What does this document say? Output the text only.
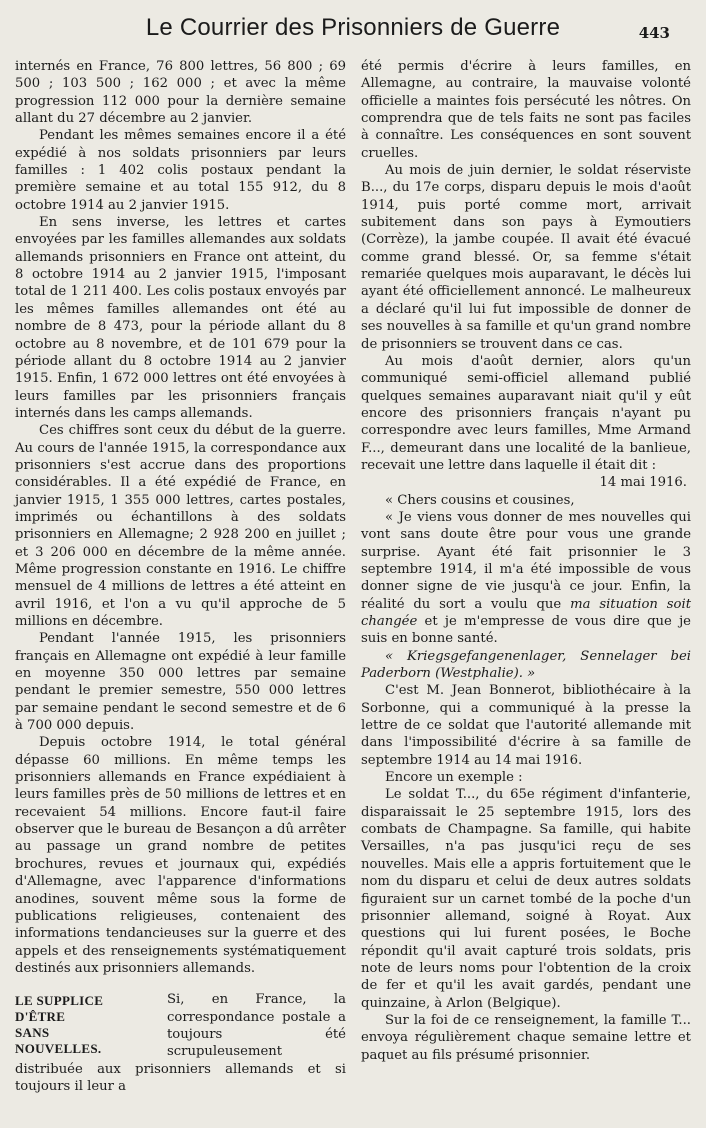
Le Courrier des Prisonniers de Guerre	443

internés en France, 76 800 lettres, 56 800 ; 69 500 ; 103 500 ; 162 000 ; et avec la même progression 112 000 pour la dernière semaine allant du 27 décembre au 2 janvier.

Pendant les mêmes semaines encore il a été expédié à nos soldats prisonniers par leurs familles : 1 402 colis postaux pendant la première semaine et au total 155 912, du 8 octobre 1914 au 2 janvier 1915.

En sens inverse, les lettres et cartes envoyées par les familles allemandes aux soldats allemands prisonniers en France ont atteint, du 8 octobre 1914 au 2 janvier 1915, l'imposant total de 1 211 400. Les colis postaux envoyés par les mêmes familles allemandes ont été au nombre de 8 473, pour la période allant du 8 octobre au 8 novembre, et de 101 679 pour la période allant du 8 octobre 1914 au 2 janvier 1915. Enfin, 1 672 000 lettres ont été envoyées à leurs familles par les prisonniers français internés dans les camps allemands.

Ces chiffres sont ceux du début de la guerre. Au cours de l'année 1915, la correspondance aux prisonniers s'est accrue dans des proportions considérables. Il a été expédié de France, en janvier 1915, 1 355 000 lettres, cartes postales, imprimés ou échantillons à des soldats prisonniers en Allemagne; 2 928 200 en juillet ; et 3 206 000 en décembre de la même année. Même progression constante en 1916. Le chiffre mensuel de 4 millions de lettres a été atteint en avril 1916, et l'on a vu qu'il approche de 5 millions en décembre.

Pendant l'année 1915, les prisonniers français en Allemagne ont expédié à leur famille en moyenne 350 000 lettres par semaine pendant le premier semestre, 550 000 lettres par semaine pendant le second semestre et de 6 à 700 000 depuis.

Depuis octobre 1914, le total général dépasse 60 millions. En même temps les prisonniers allemands en France expédiaient à leurs familles près de 50 millions de lettres et en recevaient 54 millions. Encore faut-il faire observer que le bureau de Besançon a dû arrêter au passage un grand nombre de petites brochures, revues et journaux qui, expédiés d'Allemagne, avec l'apparence d'informations anodines, souvent même sous la forme de publications religieuses, contenaient des informations tendancieuses sur la guerre et des appels et des renseignements systématiquement destinés aux prisonniers allemands.

LE SUPPLICE
D'ÊTRE
SANS
NOUVELLES.

Si, en France, la correspondance postale a toujours été scrupuleusement distribuée aux prisonniers allemands et si toujours il leur a

été permis d'écrire à leurs familles, en Allemagne, au contraire, la mauvaise volonté officielle a maintes fois persécuté les nôtres. On comprendra que de tels faits ne sont pas faciles à connaître. Les conséquences en sont souvent cruelles.

Au mois de juin dernier, le soldat réserviste B..., du 17e corps, disparu depuis le mois d'août 1914, puis porté comme mort, arrivait subitement dans son pays à Eymoutiers (Corrèze), la jambe coupée. Il avait été évacué comme grand blessé. Or, sa femme s'était remariée quelques mois auparavant, le décès lui ayant été officiellement annoncé. Le malheureux a déclaré qu'il lui fut impossible de donner de ses nouvelles à sa famille et qu'un grand nombre de prisonniers se trouvent dans ce cas.

Au mois d'août dernier, alors qu'un communiqué semi-officiel allemand publié quelques semaines auparavant niait qu'il y eût encore des prisonniers français n'ayant pu correspondre avec leurs familles, Mme Armand F..., demeurant dans une localité de la banlieue, recevait une lettre dans laquelle il était dit :

14 mai 1916.

« Chers cousins et cousines,

« Je viens vous donner de mes nouvelles qui vont sans doute être pour vous une grande surprise. Ayant été fait prisonnier le 3 septembre 1914, il m'a été impossible de vous donner signe de vie jusqu'à ce jour. Enfin, la réalité du sort a voulu que ma situation soit changée et je m'empresse de vous dire que je suis en bonne santé.

« Kriegsgefangenenlager, Sennelager bei Paderborn (Westphalie). »

C'est M. Jean Bonnerot, bibliothécaire à la Sorbonne, qui a communiqué à la presse la lettre de ce soldat que l'autorité allemande mit dans l'impossibilité d'écrire à sa famille de septembre 1914 au 14 mai 1916.

Encore un exemple :

Le soldat T..., du 65e régiment d'infanterie, disparaissait le 25 septembre 1915, lors des combats de Champagne. Sa famille, qui habite Versailles, n'a pas jusqu'ici reçu de ses nouvelles. Mais elle a appris fortuitement que le nom du disparu et celui de deux autres soldats figuraient sur un carnet tombé de la poche d'un prisonnier allemand, soigné à Royat. Aux questions qui lui furent posées, le Boche répondit qu'il avait capturé trois soldats, pris note de leurs noms pour l'obtention de la croix de fer et qu'il les avait gardés, pendant une quinzaine, à Arlon (Belgique).

Sur la foi de ce renseignement, la famille T... envoya régulièrement chaque semaine lettre et paquet au fils présumé prisonnier.
